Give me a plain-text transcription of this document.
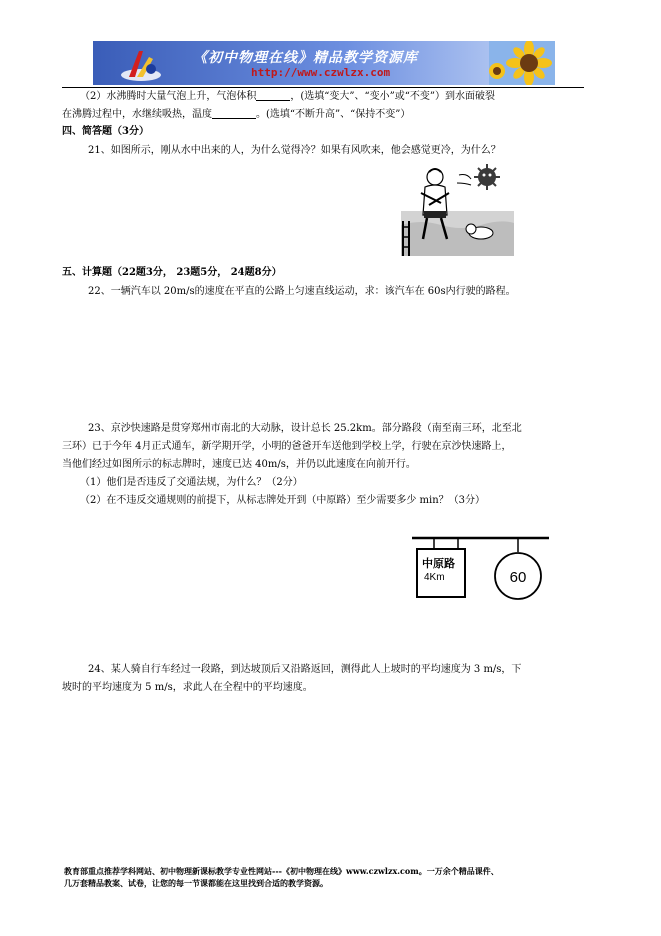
《初中物理在线》精品教学资源库
http://www.czwlzx.com
（2）水沸腾时大量气泡上升，气泡体积	，(选填“变大”、“变小”或“不变”）到水面破裂
在沸腾过程中，水继续吸热，温度	。(选填“不断升高”、“保持不变”）
四、简答题（3分）
21、如图所示，刚从水中出来的人，为什么觉得冷？如果有风吹来，他会感觉更冷，为什么？
五、计算题（22题3分， 23题5分， 24题8分）
22、一辆汽车以 20m/s的速度在平直的公路上匀速直线运动，求：该汽车在 60s内行驶的路程。
23、京沙快速路是贯穿郑州市南北的大动脉，设计总长 25.2km。部分路段（南至南三环，北至北
三环）已于今年 4月正式通车，新学期开学，小明的爸爸开车送他到学校上学，行驶在京沙快速路上，
当他们经过如图所示的标志牌时，速度已达 40m/s，并仍以此速度在向前开行。
（1）他们是否违反了交通法规，为什么？（2分）
（2）在不违反交通规则的前提下，从标志牌处开到（中原路）至少需要多少 min？（3分）
中原路
4Km	60
24、某人骑自行车经过一段路，到达坡顶后又沿路返回，测得此人上坡时的平均速度为 3 m/s，下
坡时的平均速度为 5 m/s，求此人在全程中的平均速度。
教育部重点推荐学科网站、初中物理新课标教学专业性网站---《初中物理在线》www.czwlzx.com。一万余个精品课件、
几万套精品教案、试卷，让您的每一节课都能在这里找到合适的教学资源。
